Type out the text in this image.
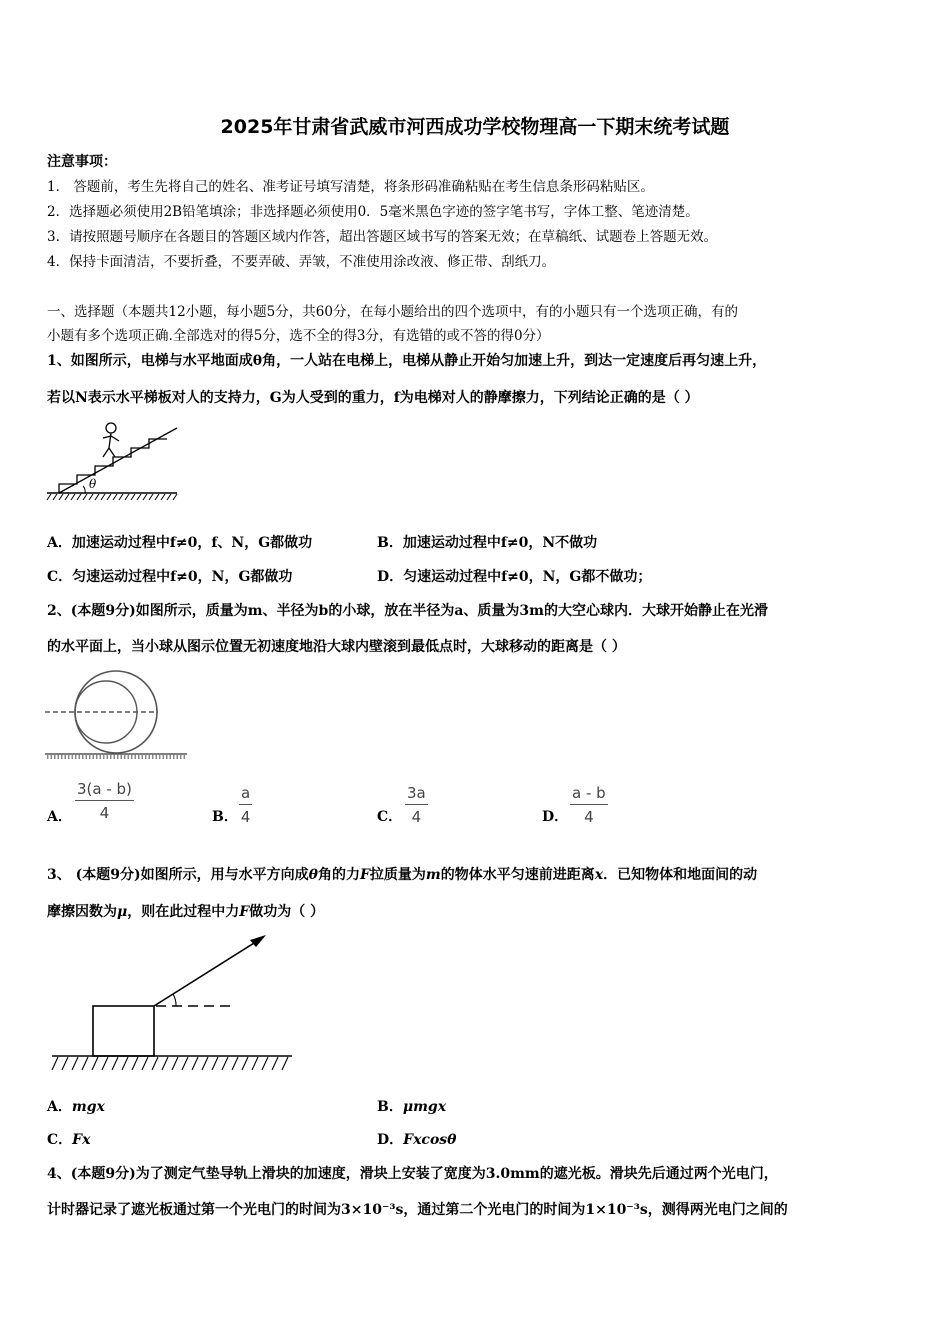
2025年甘肃省武威市河西成功学校物理高一下期末统考试题
注意事项：
1． 答题前，考生先将自己的姓名、准考证号填写清楚，将条形码准确粘贴在考生信息条形码粘贴区。
2．选择题必须使用2B铅笔填涂；非选择题必须使用0．5毫米黑色字迹的签字笔书写，字体工整、笔迹清楚。
3．请按照题号顺序在各题目的答题区域内作答，超出答题区域书写的答案无效；在草稿纸、试题卷上答题无效。
4．保持卡面清洁，不要折叠，不要弄破、弄皱，不准使用涂改液、修正带、刮纸刀。
一、选择题（本题共12小题，每小题5分，共60分，在每小题给出的四个选项中，有的小题只有一个选项正确，有的
小题有多个选项正确.全部选对的得5分，选不全的得3分，有选错的或不答的得0分）
1、如图所示，电梯与水平地面成θ角，一人站在电梯上，电梯从静止开始匀加速上升，到达一定速度后再匀速上升，
若以N表示水平梯板对人的支持力，G为人受到的重力，f为电梯对人的静摩擦力，下列结论正确的是（ ）
θ
A．加速运动过程中f≠0，f、N，G都做功	B．加速运动过程中f≠0，N不做功
C．匀速运动过程中f≠0，N，G都做功	D．匀速运动过程中f≠0，N，G都不做功；
2、(本题9分)如图所示，质量为m、半径为b的小球，放在半径为a、质量为3m的大空心球内．大球开始静止在光滑
的水平面上，当小球从图示位置无初速度地沿大球内壁滚到最低点时，大球移动的距离是（ ）
A． $\frac{3(a - b)}{4}$	B． $\frac{a}{4}$	C． $\frac{3a}{4}$	D． $\frac{a - b}{4}$
3、 (本题9分)如图所示，用与水平方向成θ角的力F拉质量为m的物体水平匀速前进距离x．已知物体和地面间的动
摩擦因数为μ，则在此过程中力F做功为（ ）
A．mgx	B．μmgx
C．Fx	D．Fxcosθ
4、(本题9分)为了测定气垫导轨上滑块的加速度，滑块上安装了宽度为3.0mm的遮光板。滑块先后通过两个光电门，
计时器记录了遮光板通过第一个光电门的时间为3×10⁻³s，通过第二个光电门的时间为1×10⁻³s，测得两光电门之间的
